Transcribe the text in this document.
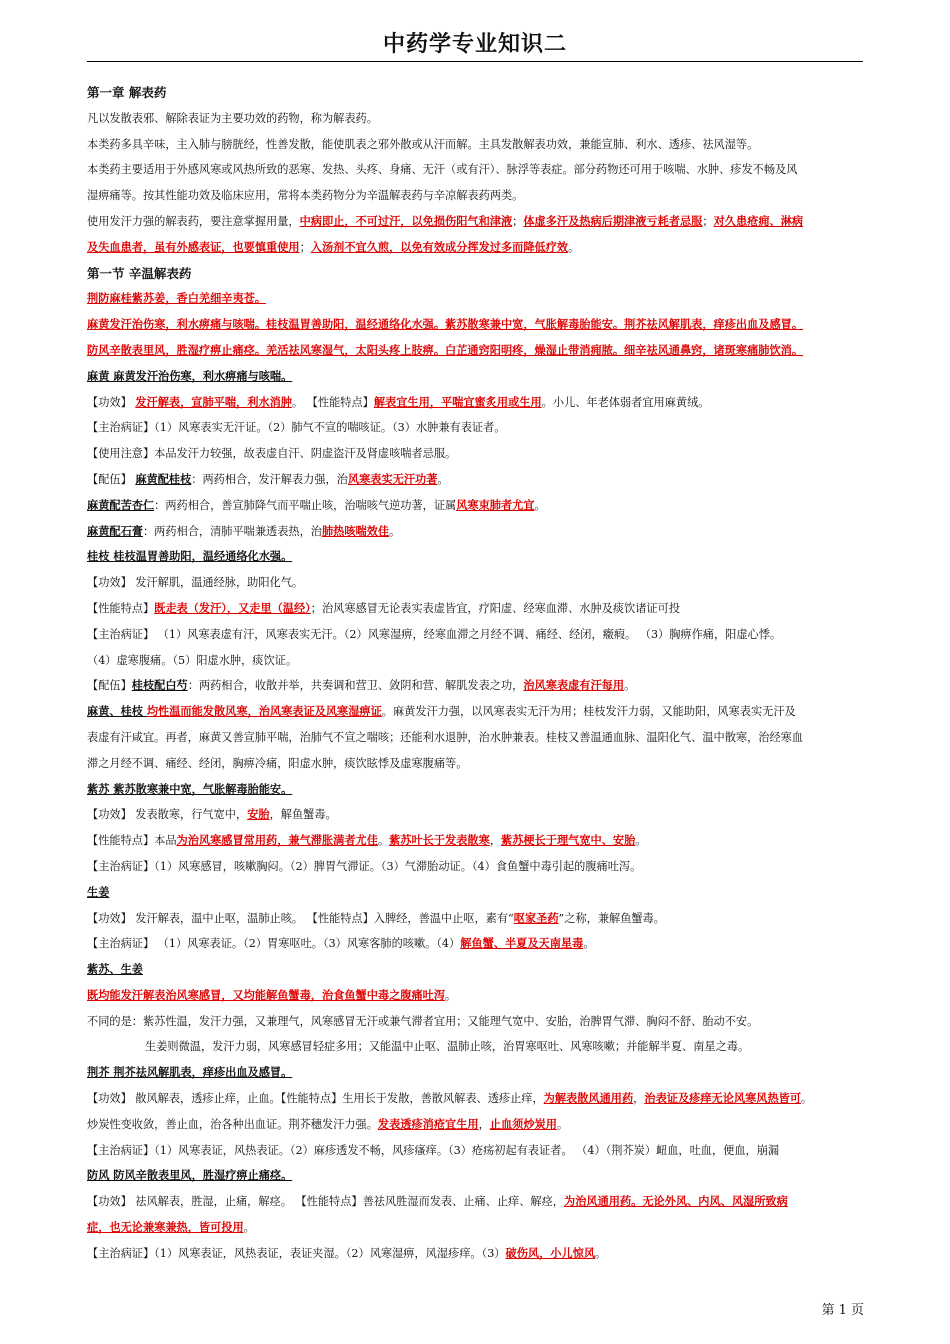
中药学专业知识二
第一章 解表药
凡以发散表邪、解除表证为主要功效的药物，称为解表药。
本类药多具辛味，主入肺与膀胱经，性善发散，能使肌表之邪外散或从汗而解。主具发散解表功效，兼能宣肺、利水、透疹、祛风湿等。
本类药主要适用于外感风寒或风热所致的恶寒、发热、头疼、身痛、无汗（或有汗）、脉浮等表症。部分药物还可用于咳喘、水肿、疹发不畅及风
湿痹痛等。按其性能功效及临床应用，常将本类药物分为辛温解表药与辛凉解表药两类。
使用发汗力强的解表药，要注意掌握用量，中病即止，不可过汗，以免损伤阳气和津液；体虚多汗及热病后期津液亏耗者忌服；对久患疮痈、淋病
及失血患者，虽有外感表证，也要慎重使用；入汤剂不宜久煎，以免有效成分挥发过多而降低疗效。
第一节 辛温解表药
荆防麻桂紫苏姜，香白羌细辛夷苍。
麻黄发汗治伤寒，利水痹痛与咳喘。桂枝温胃善助阳，温经通络化水强。紫苏散寒兼中宽，气胀解毒胎能安。荆芥祛风解肌表，痒疹出血及感冒。
防风辛散表里风，胜湿疗痹止痛痉。羌活祛风寒湿气，太阳头疼上肢痹。白芷通窍阳明疼，燥湿止带消痈脓。细辛祛风通鼻窍，诸斑寒痛肺饮消。
麻黄 麻黄发汗治伤寒，利水痹痛与咳喘。
【功效】 发汗解表，宣肺平喘，利水消肿。 【性能特点】解表宜生用，平喘宜蜜炙用或生用。小儿、年老体弱者宜用麻黄绒。
【主治病证】（1）风寒表实无汗证。（2）肺气不宣的喘咳证。（3）水肿兼有表证者。
【使用注意】本品发汗力较强，故表虚自汗、阴虚盗汗及肾虚咳喘者忌服。
【配伍】 麻黄配桂枝：两药相合，发汗解表力强，治风寒表实无汗功著。
麻黄配苦杏仁：两药相合，善宣肺降气而平喘止咳，治喘咳气逆功著，证属风寒束肺者尤宜。
麻黄配石膏：两药相合，清肺平喘兼透表热，治肺热咳喘效佳。
桂枝 桂枝温胃善助阳，温经通络化水强。
【功效】 发汗解肌，温通经脉，助阳化气。
【性能特点】既走表（发汗），又走里（温经）；治风寒感冒无论表实表虚皆宜，疗阳虚、经寒血滞、水肿及痰饮诸证可投
【主治病证】 （1）风寒表虚有汗，风寒表实无汗。（2）风寒湿痹，经寒血滞之月经不调、痛经、经闭，癥瘕。 （3）胸痹作痛，阳虚心悸。
（4）虚寒腹痛。（5）阳虚水肿，痰饮证。
【配伍】桂枝配白芍：两药相合，收散并举，共奏调和营卫、敛阴和营、解肌发表之功，治风寒表虚有汗每用。
麻黄、桂枝 均性温而能发散风寒，治风寒表证及风寒湿痹证。麻黄发汗力强，以风寒表实无汗为用；桂枝发汗力弱，又能助阳，风寒表实无汗及
表虚有汗咸宜。再者，麻黄又善宣肺平喘，治肺气不宣之喘咳；还能利水退肿，治水肿兼表。桂枝又善温通血脉、温阳化气、温中散寒，治经寒血
滞之月经不调、痛经、经闭，胸痹冷痛，阳虚水肿，痰饮眩悸及虚寒腹痛等。
紫苏 紫苏散寒兼中宽，气胀解毒胎能安。
【功效】 发表散寒，行气宽中，安胎，解鱼蟹毒。
【性能特点】本品为治风寒感冒常用药，兼气滞胀满者尤佳。紫苏叶长于发表散寒，紫苏梗长于理气宽中、安胎。
【主治病证】（1）风寒感冒，咳嗽胸闷。（2）脾胃气滞证。（3）气滞胎动证。（4）食鱼蟹中毒引起的腹痛吐泻。
生姜
【功效】 发汗解表，温中止呕，温肺止咳。 【性能特点】入脾经，善温中止呕，素有“呕家圣药”之称，兼解鱼蟹毒。
【主治病证】 （1）风寒表证。（2）胃寒呕吐。（3）风寒客肺的咳嗽。（4）解鱼蟹、半夏及天南星毒。
紫苏、生姜
既均能发汗解表治风寒感冒，又均能解鱼蟹毒，治食鱼蟹中毒之腹痛吐泻。
不同的是：紫苏性温，发汗力强，又兼理气，风寒感冒无汗或兼气滞者宜用；又能理气宽中、安胎，治脾胃气滞、胸闷不舒、胎动不安。
生姜则微温，发汗力弱，风寒感冒轻症多用；又能温中止呕、温肺止咳，治胃寒呕吐、风寒咳嗽；并能解半夏、南星之毒。
荆芥 荆芥祛风解肌表，痒疹出血及感冒。
【功效】 散风解表，透疹止痒，止血。【性能特点】生用长于发散，善散风解表、透疹止痒，为解表散风通用药，治表证及疹痒无论风寒风热皆可。
炒炭性变收敛，善止血，治各种出血证。荆芥穗发汗力强。发表透疹消疮宜生用，止血须炒炭用。
【主治病证】（1）风寒表证，风热表证。（2）麻疹透发不畅，风疹瘙痒。（3）疮疡初起有表证者。 （4）（荆芥炭）衄血，吐血，便血，崩漏
防风 防风辛散表里风，胜湿疗痹止痛痉。
【功效】 祛风解表，胜湿，止痛，解痉。 【性能特点】善祛风胜湿而发表、止痛、止痒、解痉，为治风通用药。无论外风、内风、风湿所致病
症，也无论兼寒兼热，皆可投用。
【主治病证】（1）风寒表证，风热表证，表证夹湿。（2）风寒湿痹，风湿疹痒。（3）破伤风，小儿惊风。
第 1 页
